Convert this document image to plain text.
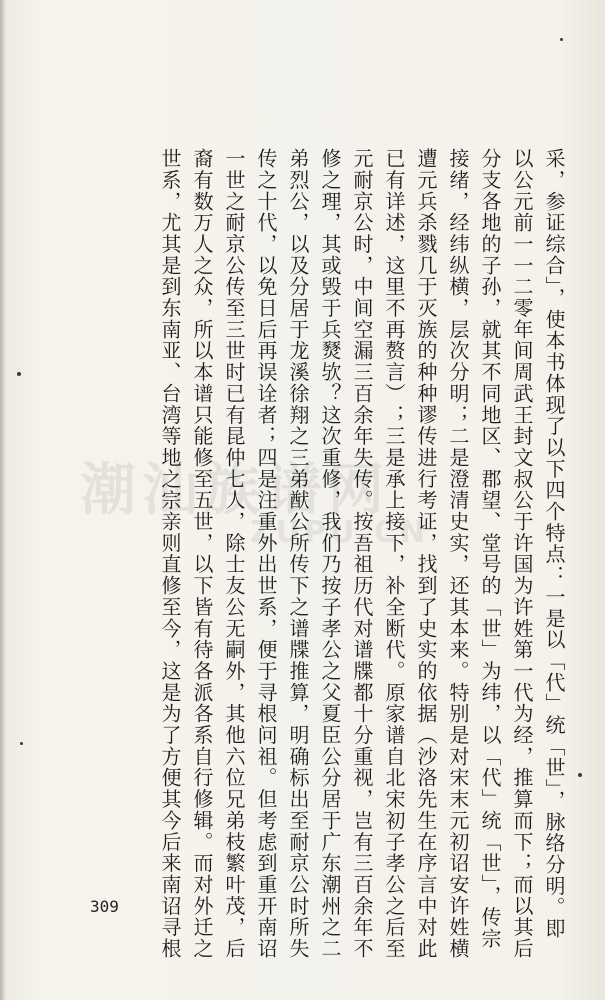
潮汕族谱网
ZUPU.CN	采，参证综合」，使本书体现了以下四个特点：一是以「代」统「世」，脉络分明。即

以公元前一一二零年间周武王封文叔公于许国为许姓第一代为经，推算而下；而以其后

分支各地的子孙，就其不同地区、郡望、堂号的「世」为纬，以「代」统「世」，传宗

接绪，经纬纵横，层次分明；二是澄清史实，还其本来。特别是对宋末元初诏安许姓横

遭元兵杀戮几于灭族的种种谬传进行考证，找到了史实的依据（沙洛先生在序言中对此

已有详述，这里不再赘言）；三是承上接下，补全断代。原家谱自北宋初子孝公之后至

元耐京公时，中间空漏三百余年失传。按吾祖历代对谱牒都十分重视，岂有三百余年不

修之理，其或毁于兵燹欤？这次重修，我们乃按子孝公之父夏臣公分居于广东潮州之二

弟烈公，以及分居于龙溪徐翔之三弟猷公所传下之谱牒推算，明确标出至耐京公时所失

传之十代，以免日后再误诠者；四是注重外出世系，便于寻根问祖。但考虑到重开南诏

一世之耐京公传至三世时已有昆仲七人，除士友公无嗣外，其他六位兄弟枝繁叶茂，后

裔有数万人之众，所以本谱只能修至五世，以下皆有待各派各系自行修辑。而对外迁之

世系，尤其是到东南亚、台湾等地之宗亲则直修至今，这是为了方便其今后来南诏寻根

309
